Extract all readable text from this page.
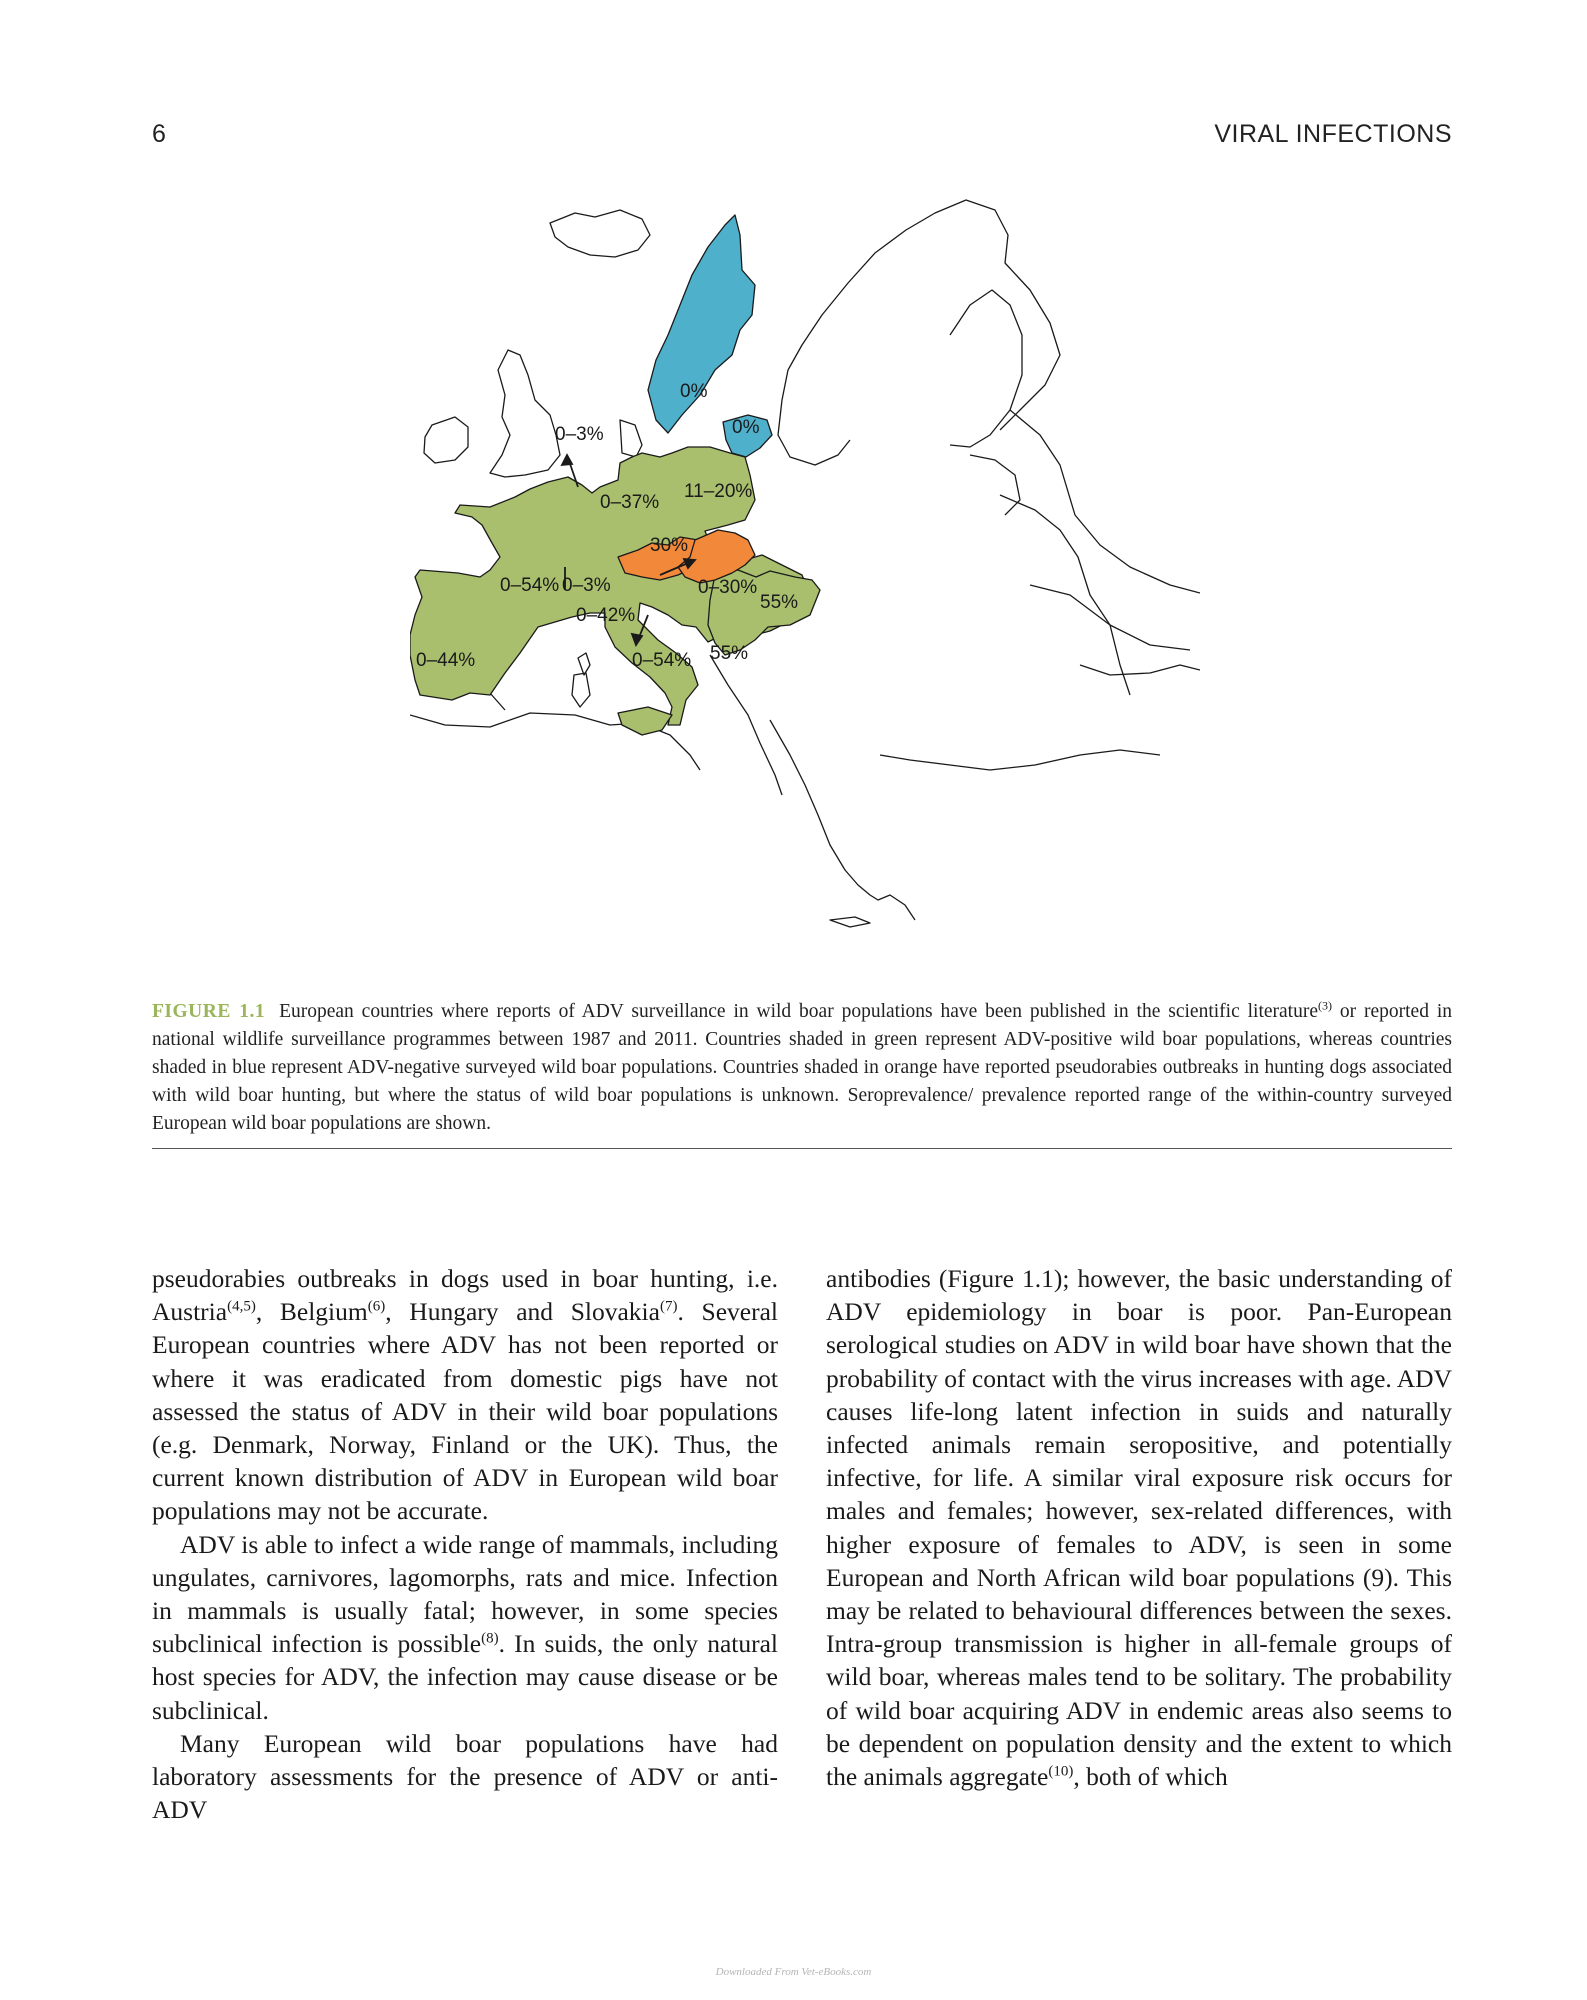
6	VIRAL INFECTIONS
0%
0%
0–3%
0–37%
11–20%
30%
0–54% 0–3%	0–30%
55%
0–42%
0–44%	0–54% 55%
FIGURE 1.1 European countries where reports of ADV surveillance in wild boar populations have been published in the scientific literature$^{(3)}$ or reported in national wildlife surveillance programmes between 1987 and 2011. Countries shaded in green represent ADV-positive wild boar populations, whereas countries shaded in blue represent ADV-negative surveyed wild boar populations. Countries shaded in orange have reported pseudorabies outbreaks in hunting dogs associated with wild boar hunting, but where the status of wild boar populations is unknown. Seroprevalence/ prevalence reported range of the within-country surveyed European wild boar populations are shown.

pseudorabies outbreaks in dogs used in boar hunting, i.e. Austria$^{(4,5)}$, Belgium$^{(6)}$, Hungary and Slovakia$^{(7)}$. Several European countries where ADV has not been reported or where it was eradicated from domestic pigs have not assessed the status of ADV in their wild boar populations (e.g. Denmark, Norway, Finland or the UK). Thus, the current known distribution of ADV in European wild boar populations may not be accurate.

ADV is able to infect a wide range of mammals, including ungulates, carnivores, lagomorphs, rats and mice. Infection in mammals is usually fatal; however, in some species subclinical infection is possible$^{(8)}$. In suids, the only natural host species for ADV, the infection may cause disease or be subclinical.

Many European wild boar populations have had laboratory assessments for the presence of ADV or anti-ADV

antibodies (Figure 1.1); however, the basic understanding of ADV epidemiology in boar is poor. Pan-European serological studies on ADV in wild boar have shown that the probability of contact with the virus increases with age. ADV causes life-long latent infection in suids and naturally infected animals remain seropositive, and potentially infective, for life. A similar viral exposure risk occurs for males and females; however, sex-related differences, with higher exposure of females to ADV, is seen in some European and North African wild boar populations (9). This may be related to behavioural differences between the sexes. Intra-group transmission is higher in all-female groups of wild boar, whereas males tend to be solitary. The probability of wild boar acquiring ADV in endemic areas also seems to be dependent on population density and the extent to which the animals aggregate$^{(10)}$, both of which

Downloaded From Vet-eBooks.com
